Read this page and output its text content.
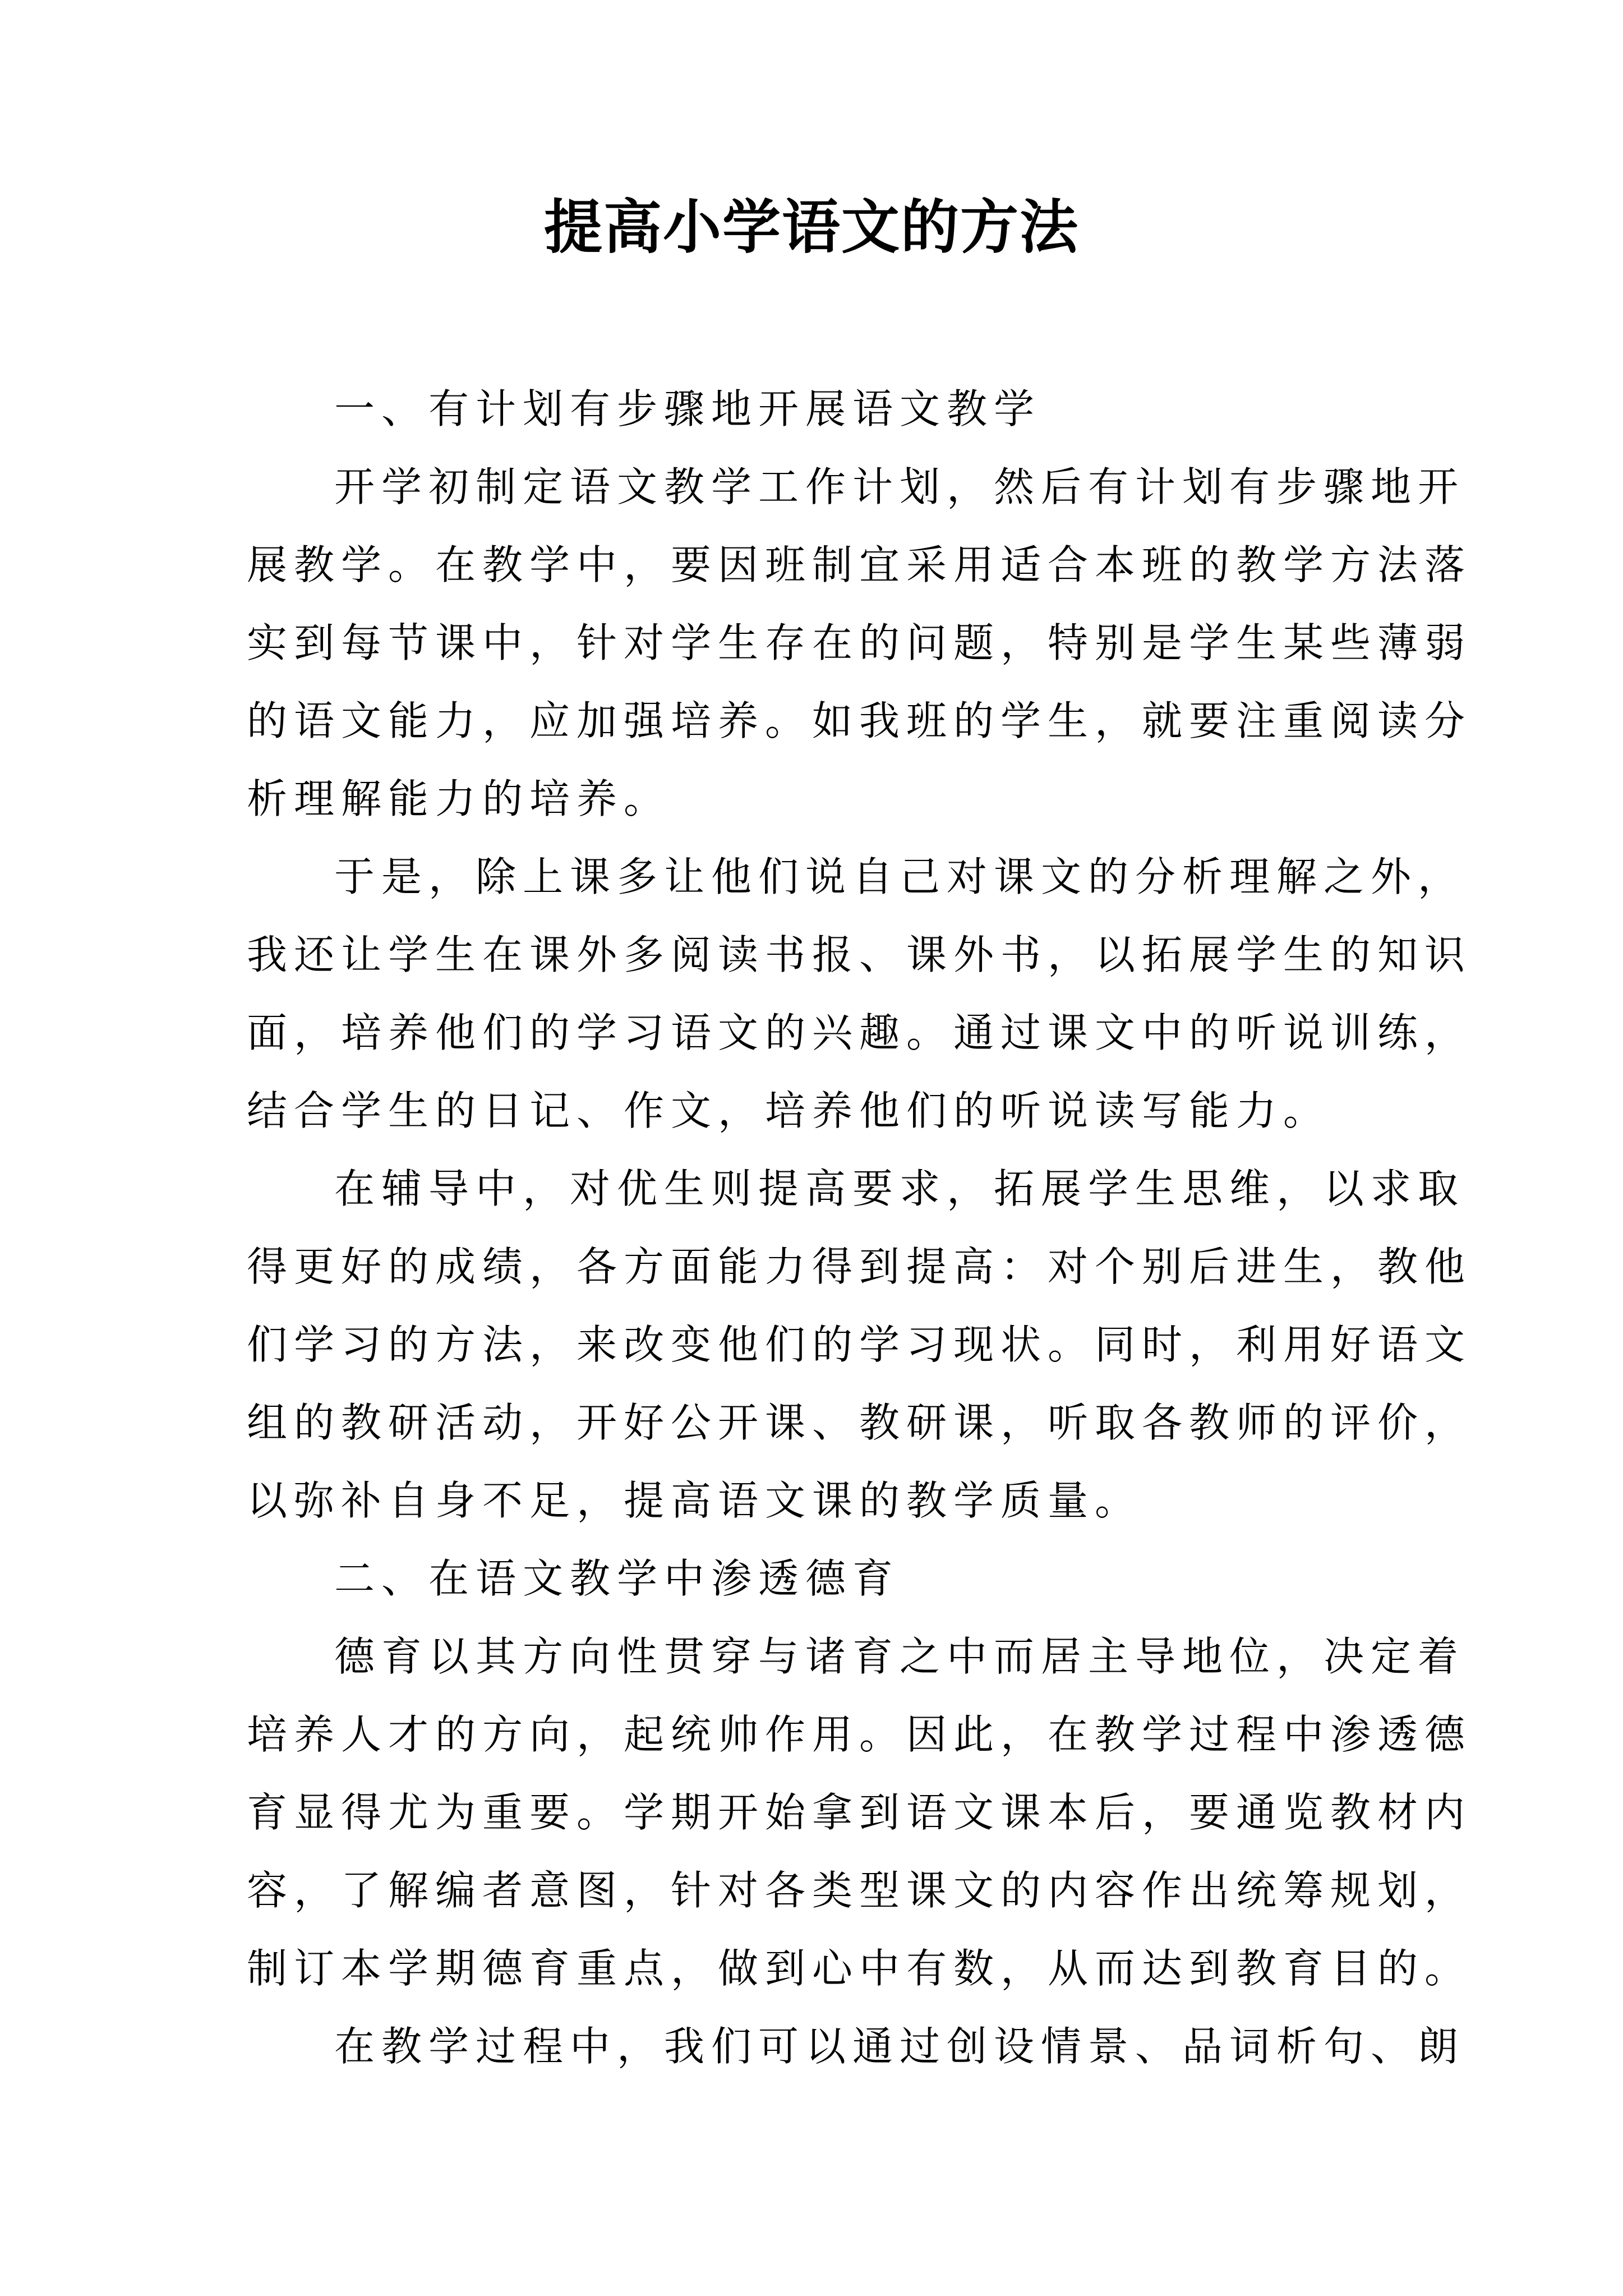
提高小学语文的方法
一、有计划有步骤地开展语文教学
开学初制定语文教学工作计划，然后有计划有步骤地开
展教学。在教学中，要因班制宜采用适合本班的教学方法落
实到每节课中，针对学生存在的问题，特别是学生某些薄弱
的语文能力，应加强培养。如我班的学生，就要注重阅读分
析理解能力的培养。
于是，除上课多让他们说自己对课文的分析理解之外，
我还让学生在课外多阅读书报、课外书，以拓展学生的知识
面，培养他们的学习语文的兴趣。通过课文中的听说训练，
结合学生的日记、作文，培养他们的听说读写能力。
在辅导中，对优生则提高要求，拓展学生思维，以求取
得更好的成绩，各方面能力得到提高：对个别后进生，教他
们学习的方法，来改变他们的学习现状。同时，利用好语文
组的教研活动，开好公开课、教研课，听取各教师的评价，
以弥补自身不足，提高语文课的教学质量。
二、在语文教学中渗透德育
德育以其方向性贯穿与诸育之中而居主导地位，决定着
培养人才的方向，起统帅作用。因此，在教学过程中渗透德
育显得尤为重要。学期开始拿到语文课本后，要通览教材内
容，了解编者意图，针对各类型课文的内容作出统筹规划，
制订本学期德育重点，做到心中有数，从而达到教育目的。
在教学过程中，我们可以通过创设情景、品词析句、朗
